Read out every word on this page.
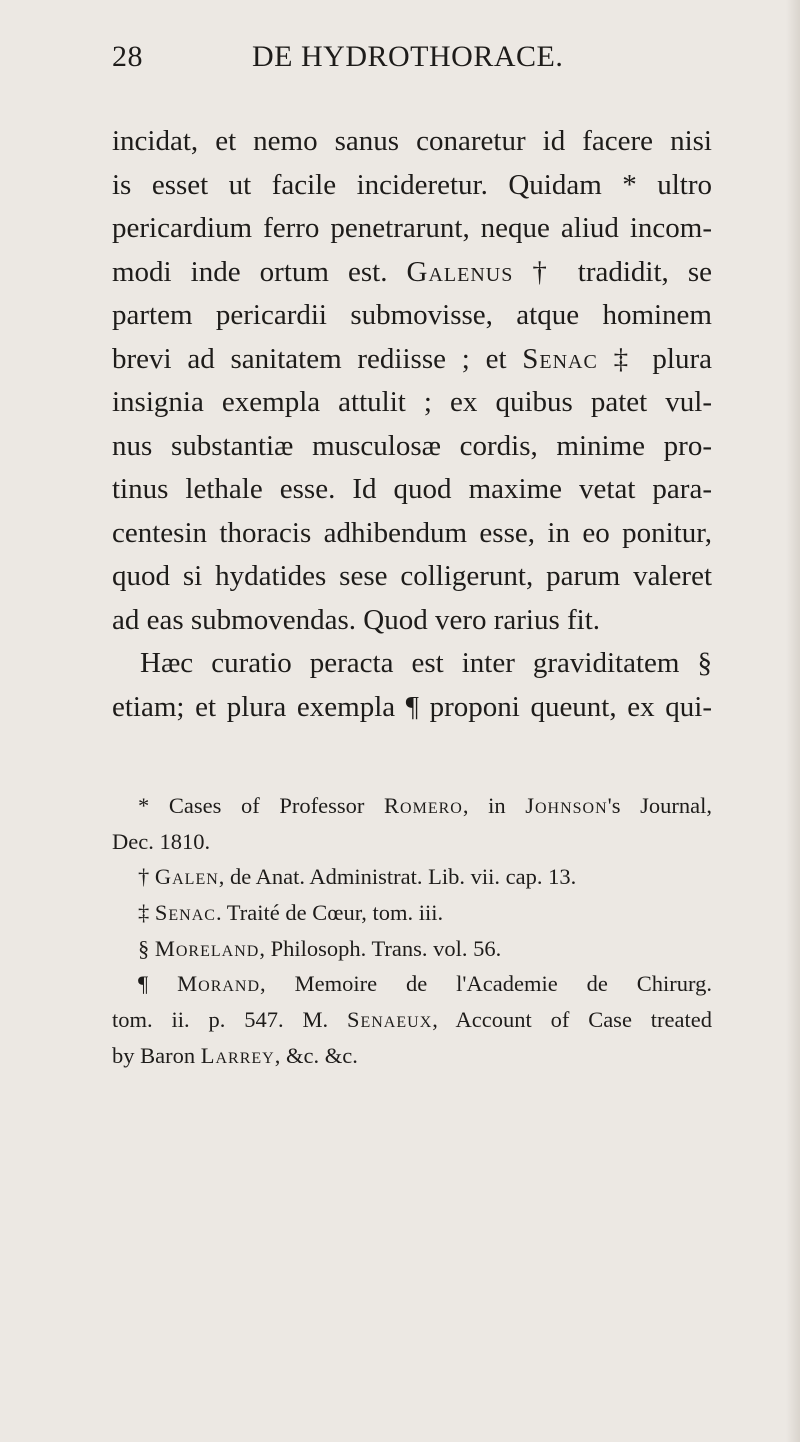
28	DE HYDROTHORACE.
incidat, et nemo sanus conaretur id facere nisi
is esset ut facile incideretur. Quidam * ultro
pericardium ferro penetrarunt, neque aliud incom-
modi inde ortum est. Galenus † tradidit, se
partem pericardii submovisse, atque hominem
brevi ad sanitatem rediisse ; et Senac ‡ plura
insignia exempla attulit ; ex quibus patet vul-
nus substantiæ musculosæ cordis, minime pro-
tinus lethale esse. Id quod maxime vetat para-
centesin thoracis adhibendum esse, in eo ponitur,
quod si hydatides sese colligerunt, parum valeret
ad eas submovendas. Quod vero rarius fit.
Hæc curatio peracta est inter graviditatem §
etiam; et plura exempla ¶ proponi queunt, ex qui-
* Cases of Professor Romero, in Johnson's Journal,
Dec. 1810.
† Galen, de Anat. Administrat. Lib. vii. cap. 13.
‡ Senac. Traité de Cœur, tom. iii.
§ Moreland, Philosoph. Trans. vol. 56.
¶ Morand, Memoire de l'Academie de Chirurg.
tom. ii. p. 547. M. Senaeux, Account of Case treated
by Baron Larrey, &c. &c.
